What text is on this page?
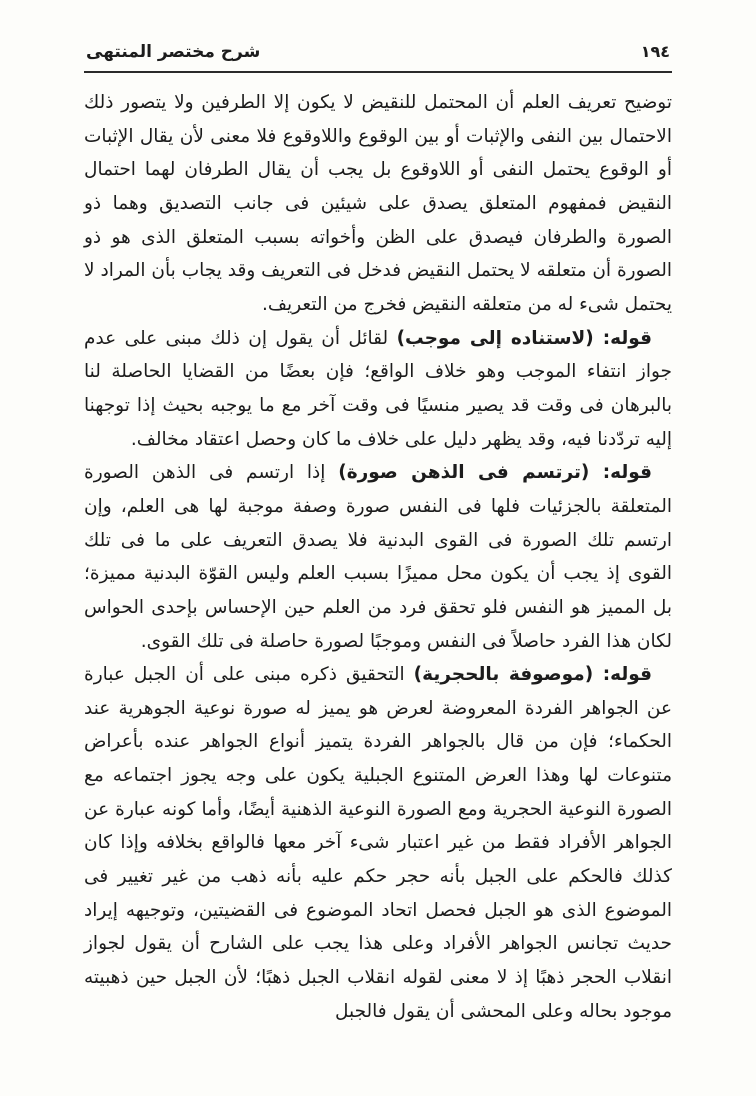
١٩٤
شرح مختصر المنتهى

توضيح تعريف العلم أن المحتمل للنقيض لا يكون إلا الطرفين ولا يتصور ذلك الاحتمال بين النفى والإثبات أو بين الوقوع واللاوقوع فلا معنى لأن يقال الإثبات أو الوقوع يحتمل النفى أو اللاوقوع بل يجب أن يقال الطرفان لهما احتمال النقيض فمفهوم المتعلق يصدق على شيئين فى جانب التصديق وهما ذو الصورة والطرفان فيصدق على الظن وأخواته بسبب المتعلق الذى هو ذو الصورة أن متعلقه لا يحتمل النقيض فدخل فى التعريف وقد يجاب بأن المراد لا يحتمل شىء له من متعلقه النقيض فخرج من التعريف.

قوله: (لاستناده إلى موجب) لقائل أن يقول إن ذلك مبنى على عدم جواز انتفاء الموجب وهو خلاف الواقع؛ فإن بعضًا من القضايا الحاصلة لنا بالبرهان فى وقت قد يصير منسيًا فى وقت آخر مع ما يوجبه بحيث إذا توجهنا إليه تردّدنا فيه، وقد يظهر دليل على خلاف ما كان وحصل اعتقاد مخالف.

قوله: (ترتسم فى الذهن صورة) إذا ارتسم فى الذهن الصورة المتعلقة بالجزئيات فلها فى النفس صورة وصفة موجبة لها هى العلم، وإن ارتسم تلك الصورة فى القوى البدنية فلا يصدق التعريف على ما فى تلك القوى إذ يجب أن يكون محل مميزًا بسبب العلم وليس القوّة البدنية مميزة؛ بل المميز هو النفس فلو تحقق فرد من العلم حين الإحساس بإحدى الحواس لكان هذا الفرد حاصلاً فى النفس وموجبًا لصورة حاصلة فى تلك القوى.

قوله: (موصوفة بالحجرية) التحقيق ذكره مبنى على أن الجبل عبارة عن الجواهر الفردة المعروضة لعرض هو يميز له صورة نوعية الجوهرية عند الحكماء؛ فإن من قال بالجواهر الفردة يتميز أنواع الجواهر عنده بأعراض متنوعات لها وهذا العرض المتنوع الجبلية يكون على وجه يجوز اجتماعه مع الصورة النوعية الحجرية ومع الصورة النوعية الذهنية أيضًا، وأما كونه عبارة عن الجواهر الأفراد فقط من غير اعتبار شىء آخر معها فالواقع بخلافه وإذا كان كذلك فالحكم على الجبل بأنه حجر حكم عليه بأنه ذهب من غير تغيير فى الموضوع الذى هو الجبل فحصل اتحاد الموضوع فى القضيتين، وتوجيهه إيراد حديث تجانس الجواهر الأفراد وعلى هذا يجب على الشارح أن يقول لجواز انقلاب الحجر ذهبًا إذ لا معنى لقوله انقلاب الجبل ذهبًا؛ لأن الجبل حين ذهبيته موجود بحاله وعلى المحشى أن يقول فالجبل
